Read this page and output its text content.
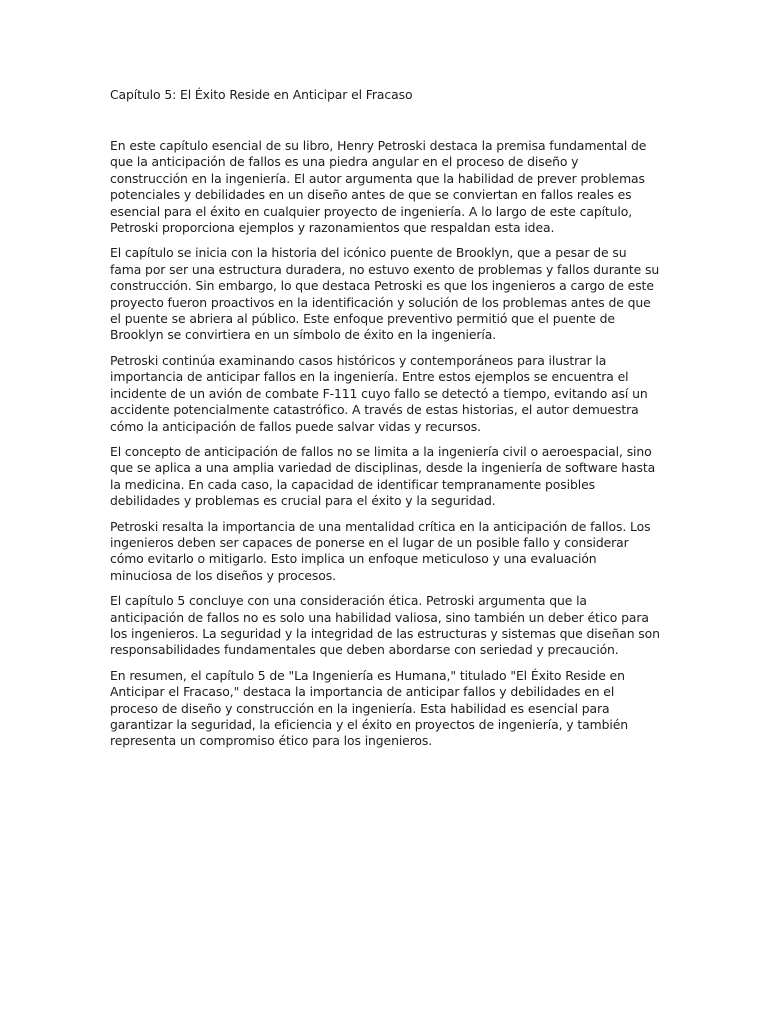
Capítulo 5: El Éxito Reside en Anticipar el Fracaso

En este capítulo esencial de su libro, Henry Petroski destaca la premisa fundamental de que la anticipación de fallos es una piedra angular en el proceso de diseño y construcción en la ingeniería. El autor argumenta que la habilidad de prever problemas potenciales y debilidades en un diseño antes de que se conviertan en fallos reales es esencial para el éxito en cualquier proyecto de ingeniería. A lo largo de este capítulo, Petroski proporciona ejemplos y razonamientos que respaldan esta idea.

El capítulo se inicia con la historia del icónico puente de Brooklyn, que a pesar de su fama por ser una estructura duradera, no estuvo exento de problemas y fallos durante su construcción. Sin embargo, lo que destaca Petroski es que los ingenieros a cargo de este proyecto fueron proactivos en la identificación y solución de los problemas antes de que el puente se abriera al público. Este enfoque preventivo permitió que el puente de Brooklyn se convirtiera en un símbolo de éxito en la ingeniería.

Petroski continúa examinando casos históricos y contemporáneos para ilustrar la importancia de anticipar fallos en la ingeniería. Entre estos ejemplos se encuentra el incidente de un avión de combate F-111 cuyo fallo se detectó a tiempo, evitando así un accidente potencialmente catastrófico. A través de estas historias, el autor demuestra cómo la anticipación de fallos puede salvar vidas y recursos.

El concepto de anticipación de fallos no se limita a la ingeniería civil o aeroespacial, sino que se aplica a una amplia variedad de disciplinas, desde la ingeniería de software hasta la medicina. En cada caso, la capacidad de identificar tempranamente posibles debilidades y problemas es crucial para el éxito y la seguridad.

Petroski resalta la importancia de una mentalidad crítica en la anticipación de fallos. Los ingenieros deben ser capaces de ponerse en el lugar de un posible fallo y considerar cómo evitarlo o mitigarlo. Esto implica un enfoque meticuloso y una evaluación minuciosa de los diseños y procesos.

El capítulo 5 concluye con una consideración ética. Petroski argumenta que la anticipación de fallos no es solo una habilidad valiosa, sino también un deber ético para los ingenieros. La seguridad y la integridad de las estructuras y sistemas que diseñan son responsabilidades fundamentales que deben abordarse con seriedad y precaución.

En resumen, el capítulo 5 de "La Ingeniería es Humana," titulado "El Éxito Reside en Anticipar el Fracaso," destaca la importancia de anticipar fallos y debilidades en el proceso de diseño y construcción en la ingeniería. Esta habilidad es esencial para garantizar la seguridad, la eficiencia y el éxito en proyectos de ingeniería, y también representa un compromiso ético para los ingenieros.
